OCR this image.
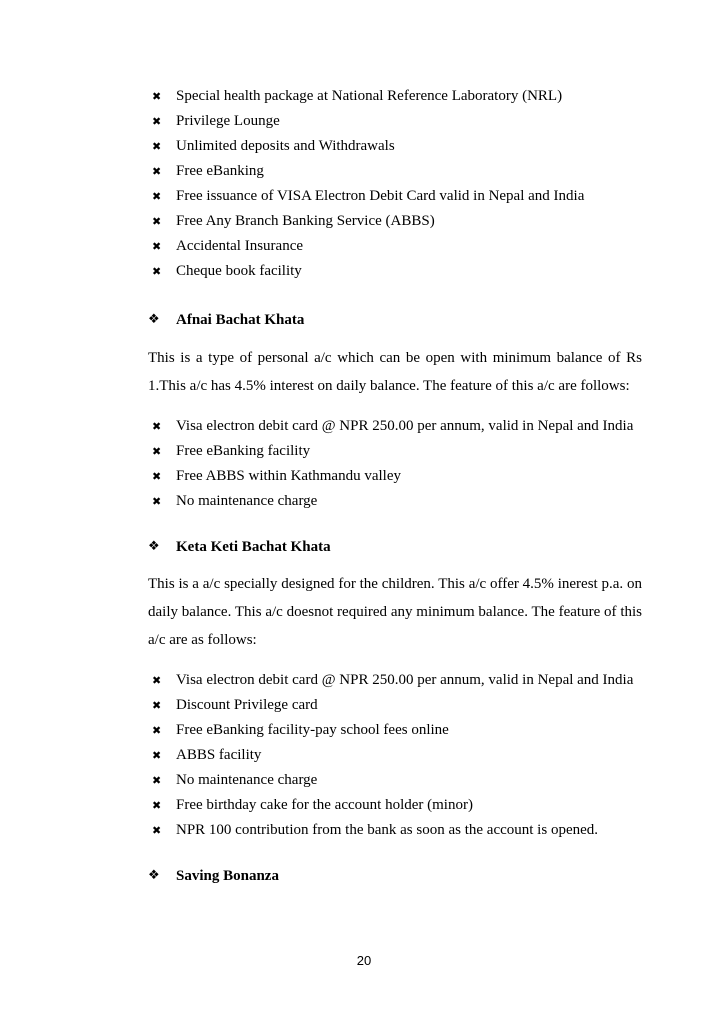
✖ Special health package at National Reference Laboratory (NRL)
✖ Privilege Lounge
✖ Unlimited deposits and Withdrawals
✖ Free eBanking
✖ Free issuance of VISA Electron Debit Card valid in Nepal and India
✖ Free Any Branch Banking Service (ABBS)
✖ Accidental Insurance
✖ Cheque book facility
❖ Afnai Bachat Khata
This is a type of personal a/c which can be open with minimum balance of Rs 1.This a/c has 4.5% interest on daily balance. The feature of this a/c are follows:
✖ Visa electron debit card @ NPR 250.00 per annum, valid in Nepal and India
✖ Free eBanking facility
✖ Free ABBS within Kathmandu valley
✖ No maintenance charge
❖ Keta Keti Bachat Khata
This is a a/c specially designed for the children. This a/c offer 4.5% inerest p.a. on daily balance. This a/c doesnot required any minimum balance. The feature of this a/c are as follows:
✖ Visa electron debit card @ NPR 250.00 per annum, valid in Nepal and India
✖ Discount Privilege card
✖ Free eBanking facility-pay school fees online
✖ ABBS facility
✖ No maintenance charge
✖ Free birthday cake for the account holder (minor)
✖ NPR 100 contribution from the bank as soon as the account is opened.
❖ Saving Bonanza
20
